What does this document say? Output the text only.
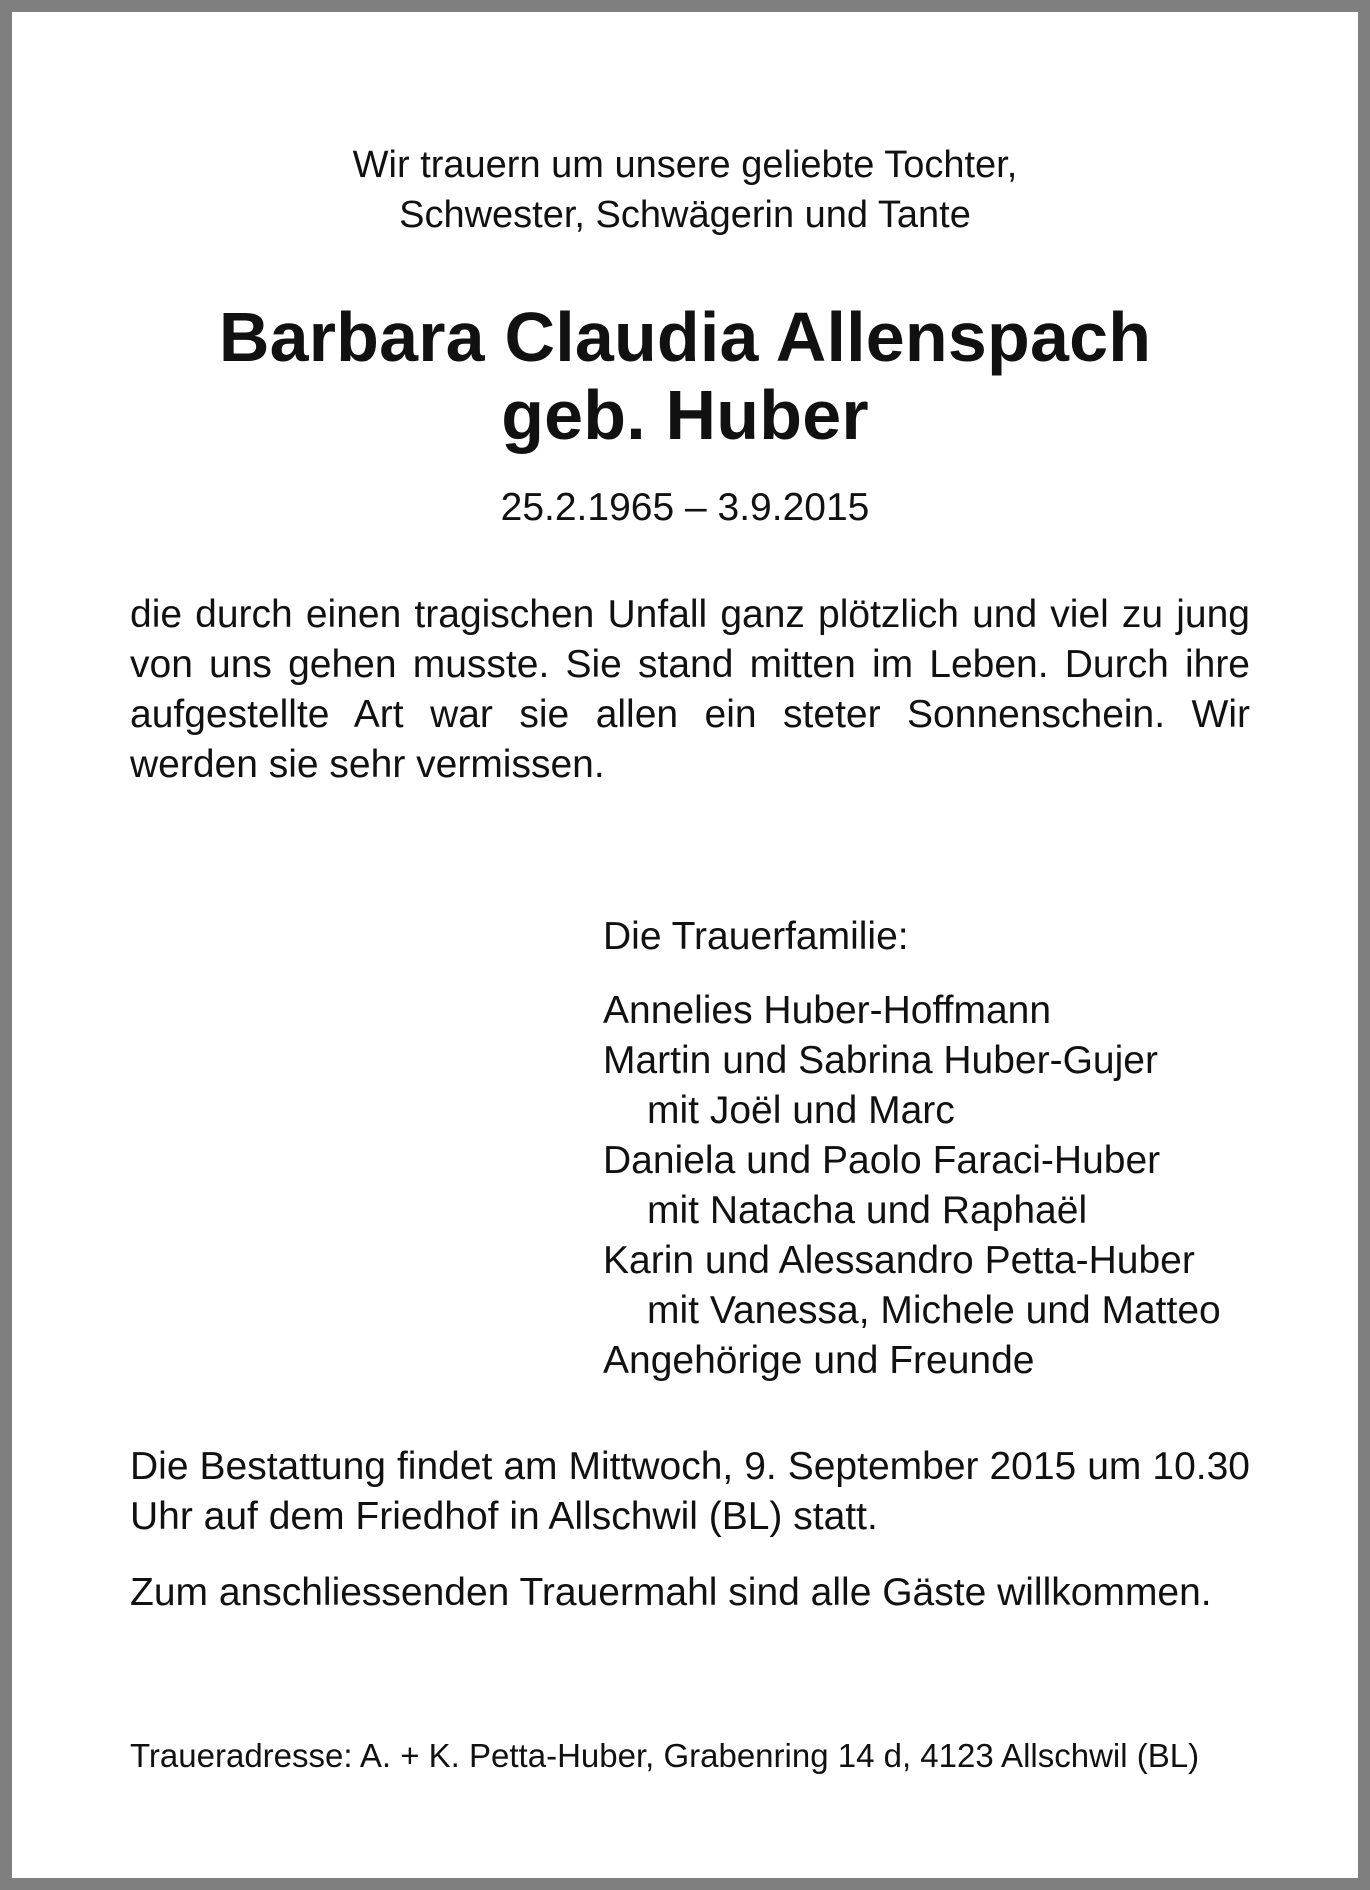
Wir trauern um unsere geliebte Tochter,
Schwester, Schwägerin und Tante
Barbara Claudia Allenspach
geb. Huber
25.2.1965 – 3.9.2015
die durch einen tragischen Unfall ganz plötzlich und viel zu jung von uns gehen musste. Sie stand mitten im Leben. Durch ihre aufgestellte Art war sie allen ein steter Sonnenschein. Wir werden sie sehr vermissen.
Die Trauerfamilie:
Annelies Huber-Hoffmann
Martin und Sabrina Huber-Gujer
mit Joël und Marc
Daniela und Paolo Faraci-Huber
mit Natacha und Raphaël
Karin und Alessandro Petta-Huber
mit Vanessa, Michele und Matteo
Angehörige und Freunde
Die Bestattung findet am Mittwoch, 9. September 2015 um 10.30 Uhr auf dem Friedhof in Allschwil (BL) statt.
Zum anschliessenden Trauermahl sind alle Gäste willkommen.
Traueradresse: A. + K. Petta-Huber, Grabenring 14 d, 4123 Allschwil (BL)
